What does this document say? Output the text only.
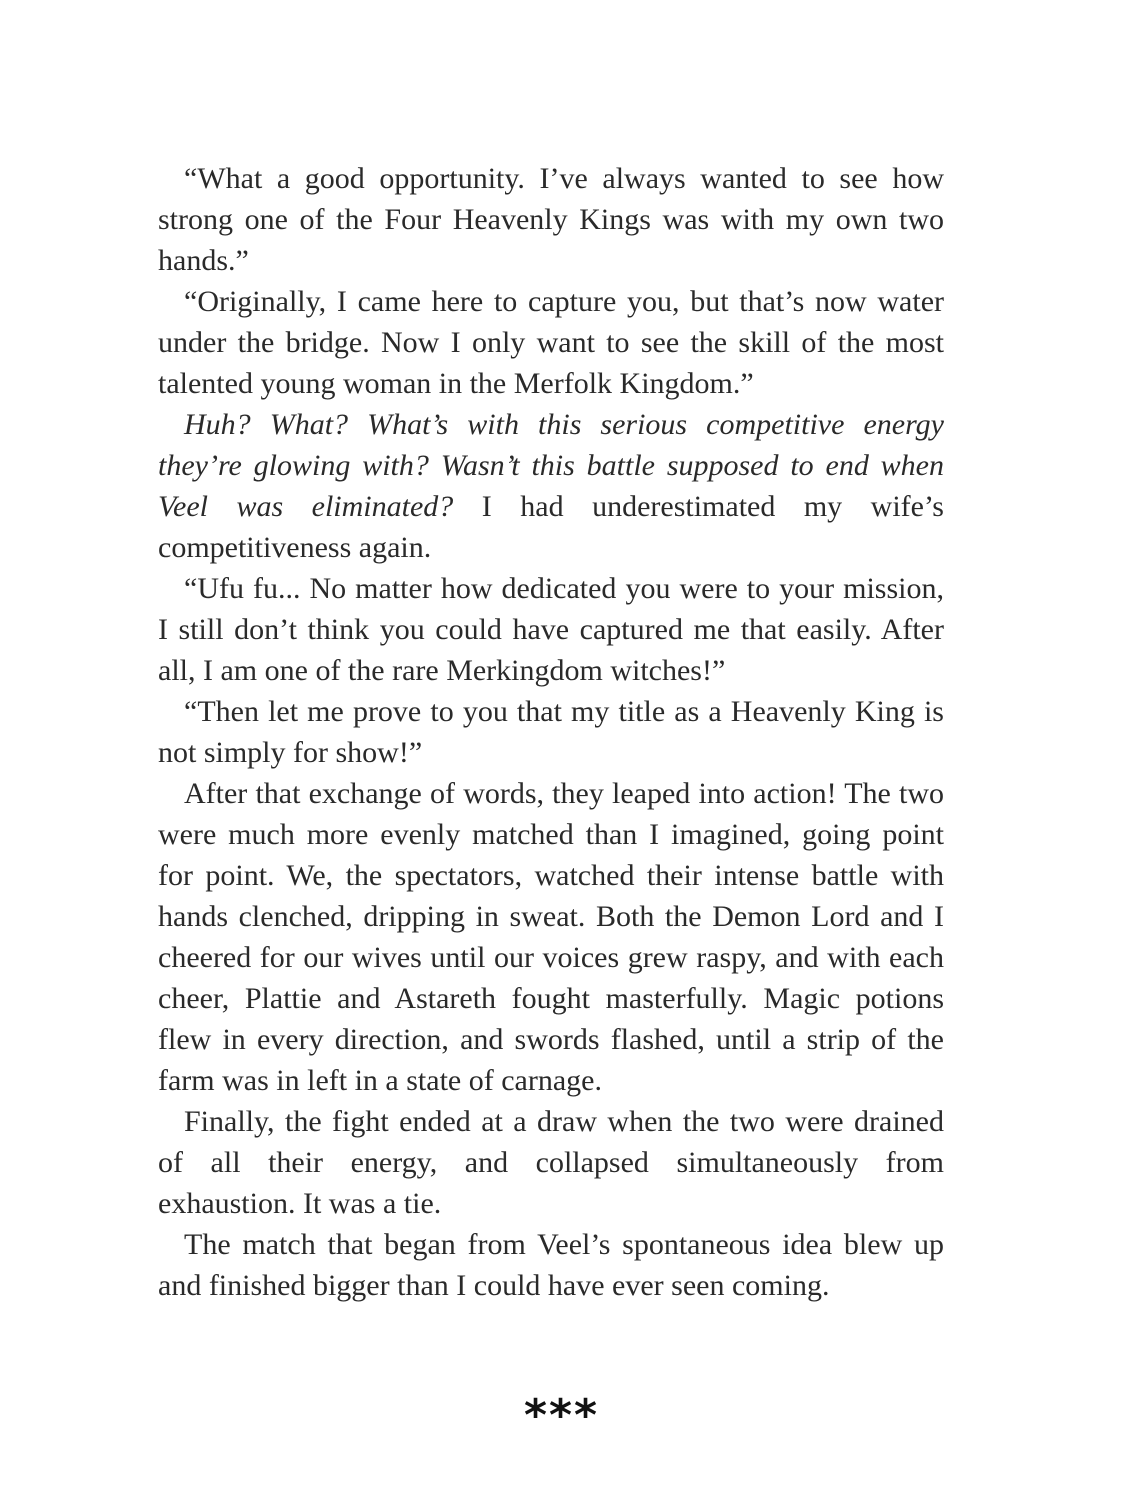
“What a good opportunity. I’ve always wanted to see how strong one of the Four Heavenly Kings was with my own two hands.”

“Originally, I came here to capture you, but that’s now water under the bridge. Now I only want to see the skill of the most talented young woman in the Merfolk Kingdom.”

Huh? What? What’s with this serious competitive energy they’re glowing with? Wasn’t this battle supposed to end when Veel was eliminated? I had underestimated my wife’s competitiveness again.

“Ufu fu... No matter how dedicated you were to your mission, I still don’t think you could have captured me that easily. After all, I am one of the rare Merkingdom witches!”

“Then let me prove to you that my title as a Heavenly King is not simply for show!”

After that exchange of words, they leaped into action! The two were much more evenly matched than I imagined, going point for point. We, the spectators, watched their intense battle with hands clenched, dripping in sweat. Both the Demon Lord and I cheered for our wives until our voices grew raspy, and with each cheer, Plattie and Astareth fought masterfully. Magic potions flew in every direction, and swords flashed, until a strip of the farm was in left in a state of carnage.

Finally, the fight ended at a draw when the two were drained of all their energy, and collapsed simultaneously from exhaustion. It was a tie.

The match that began from Veel’s spontaneous idea blew up and finished bigger than I could have ever seen coming.

***
